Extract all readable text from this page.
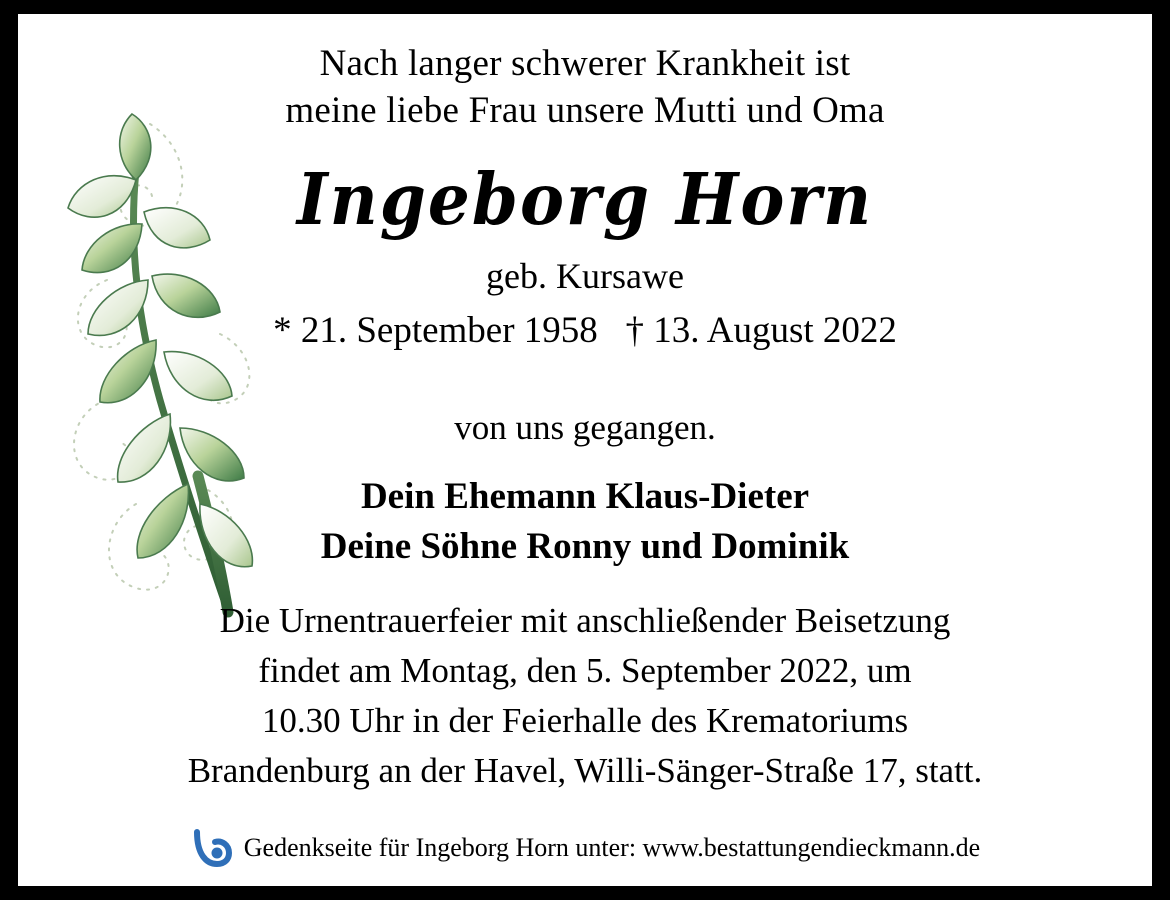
Nach langer schwerer Krankheit ist
meine liebe Frau unsere Mutti und Oma
Ingeborg Horn
geb. Kursawe
* 21. September 1958   † 13. August 2022
von uns gegangen.
Dein Ehemann Klaus-Dieter
Deine Söhne Ronny und Dominik
Die Urnentrauerfeier mit anschließender Beisetzung
findet am Montag, den 5. September 2022, um
10.30 Uhr in der Feierhalle des Krematoriums
Brandenburg an der Havel, Willi-Sänger-Straße 17, statt.
Gedenkseite für Ingeborg Horn unter: www.bestattungendieckmann.de
